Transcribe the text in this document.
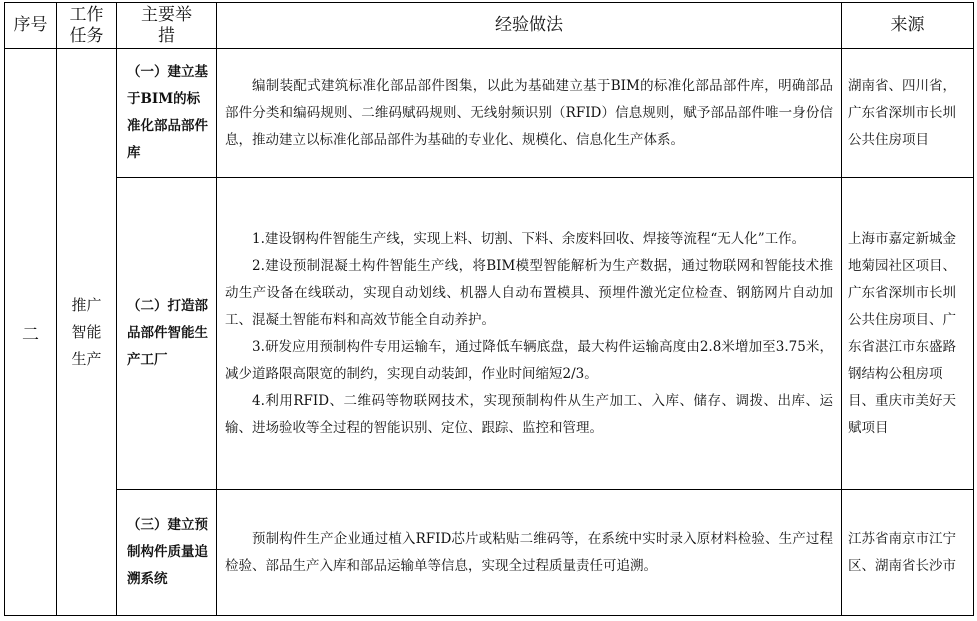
序号	工作任务	主要举措	经验做法	来源
二	推广智能生产	（一）建立基于BIM的标准化部品部件库	编制装配式建筑标准化部品部件图集，以此为基础建立基于BIM的标准化部品部件库，明确部品部件分类和编码规则、二维码赋码规则、无线射频识别（RFID）信息规则，赋予部品部件唯一身份信息，推动建立以标准化部品部件为基础的专业化、规模化、信息化生产体系。	湖南省、四川省，广东省深圳市长圳公共住房项目
		（二）打造部品部件智能生产工厂	1.建设钢构件智能生产线，实现上料、切割、下料、余废料回收、焊接等流程“无人化”工作。

2.建设预制混凝土构件智能生产线，将BIM模型智能解析为生产数据，通过物联网和智能技术推动生产设备在线联动，实现自动划线、机器人自动布置模具、预埋件激光定位检查、钢筋网片自动加工、混凝土智能布料和高效节能全自动养护。

3.研发应用预制构件专用运输车，通过降低车辆底盘，最大构件运输高度由2.8米增加至3.75米，减少道路限高限宽的制约，实现自动装卸，作业时间缩短2/3。

4.利用RFID、二维码等物联网技术，实现预制构件从生产加工、入库、储存、调拨、出库、运输、进场验收等全过程的智能识别、定位、跟踪、监控和管理。	上海市嘉定新城金地菊园社区项目、广东省深圳市长圳公共住房项目、广东省湛江市东盛路钢结构公租房项目、重庆市美好天赋项目
		（三）建立预制构件质量追溯系统	预制构件生产企业通过植入RFID芯片或粘贴二维码等，在系统中实时录入原材料检验、生产过程检验、部品生产入库和部品运输单等信息，实现全过程质量责任可追溯。	江苏省南京市江宁区、湖南省长沙市
